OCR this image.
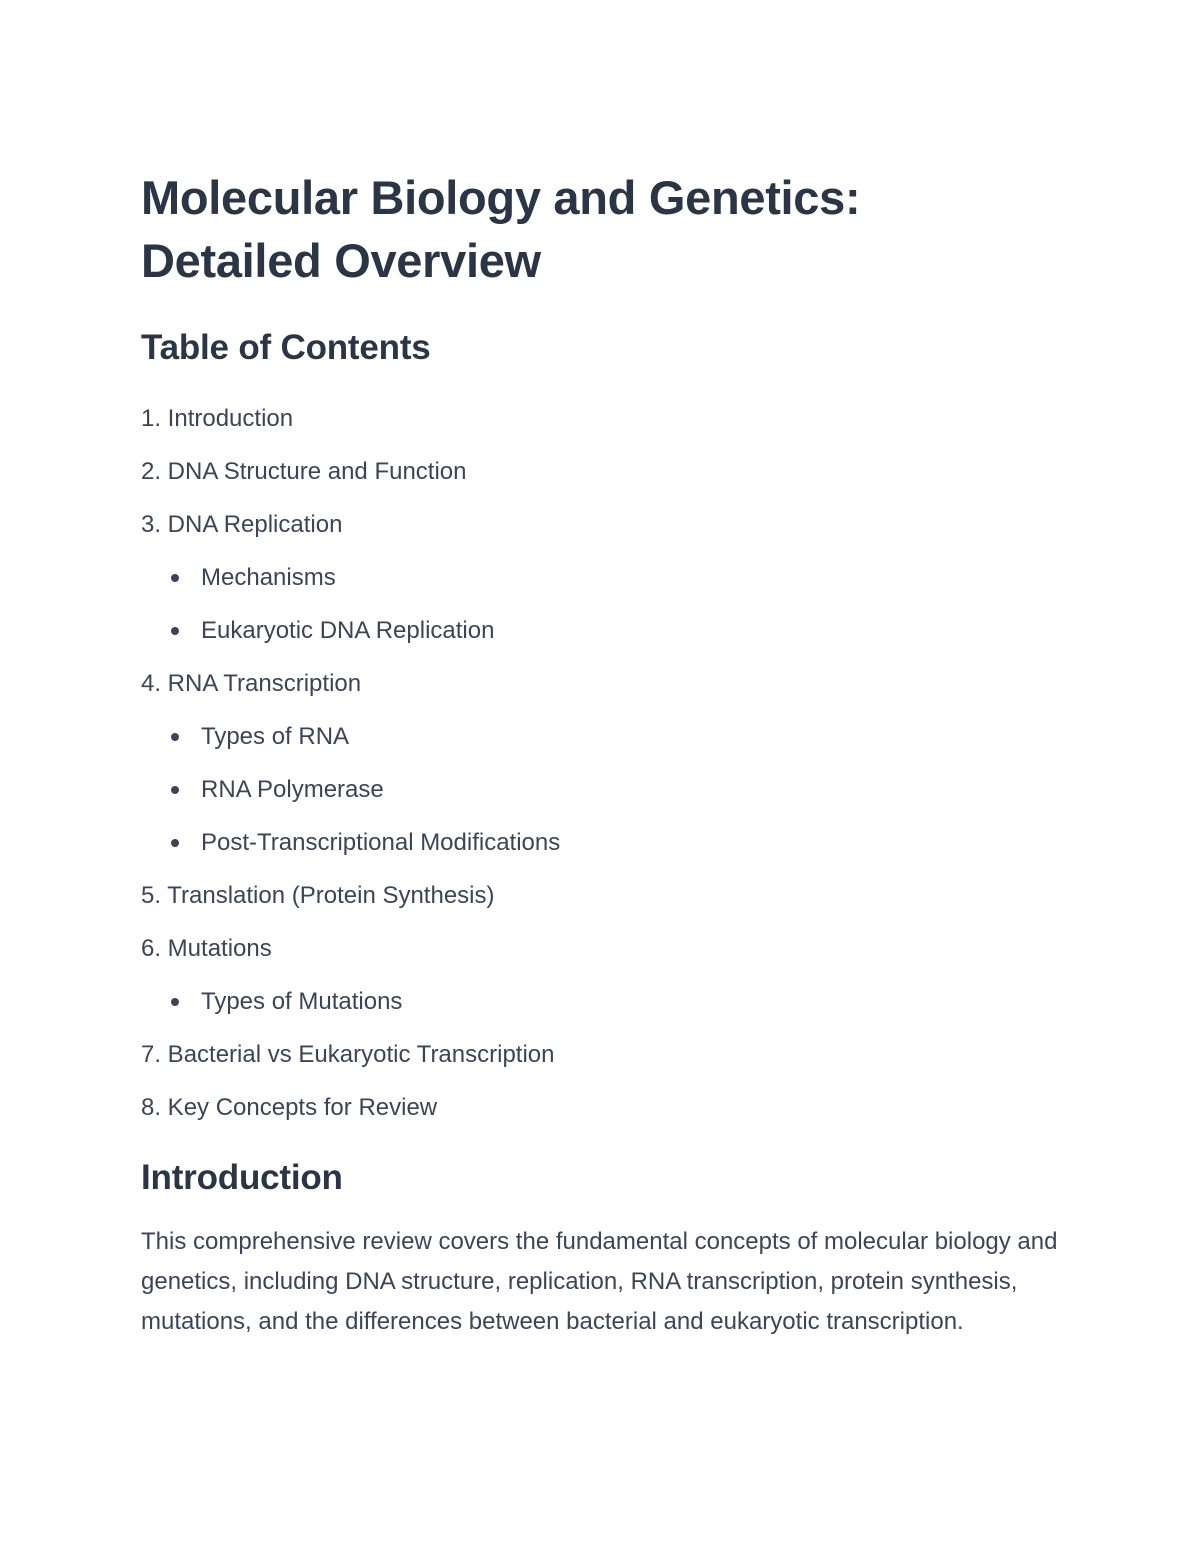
Molecular Biology and Genetics:
Detailed Overview
Table of Contents
1. Introduction
2. DNA Structure and Function
3. DNA Replication
Mechanisms
Eukaryotic DNA Replication
4. RNA Transcription
Types of RNA
RNA Polymerase
Post-Transcriptional Modifications
5. Translation (Protein Synthesis)
6. Mutations
Types of Mutations
7. Bacterial vs Eukaryotic Transcription
8. Key Concepts for Review
Introduction

This comprehensive review covers the fundamental concepts of molecular biology and genetics, including DNA structure, replication, RNA transcription, protein synthesis, mutations, and the differences between bacterial and eukaryotic transcription.
